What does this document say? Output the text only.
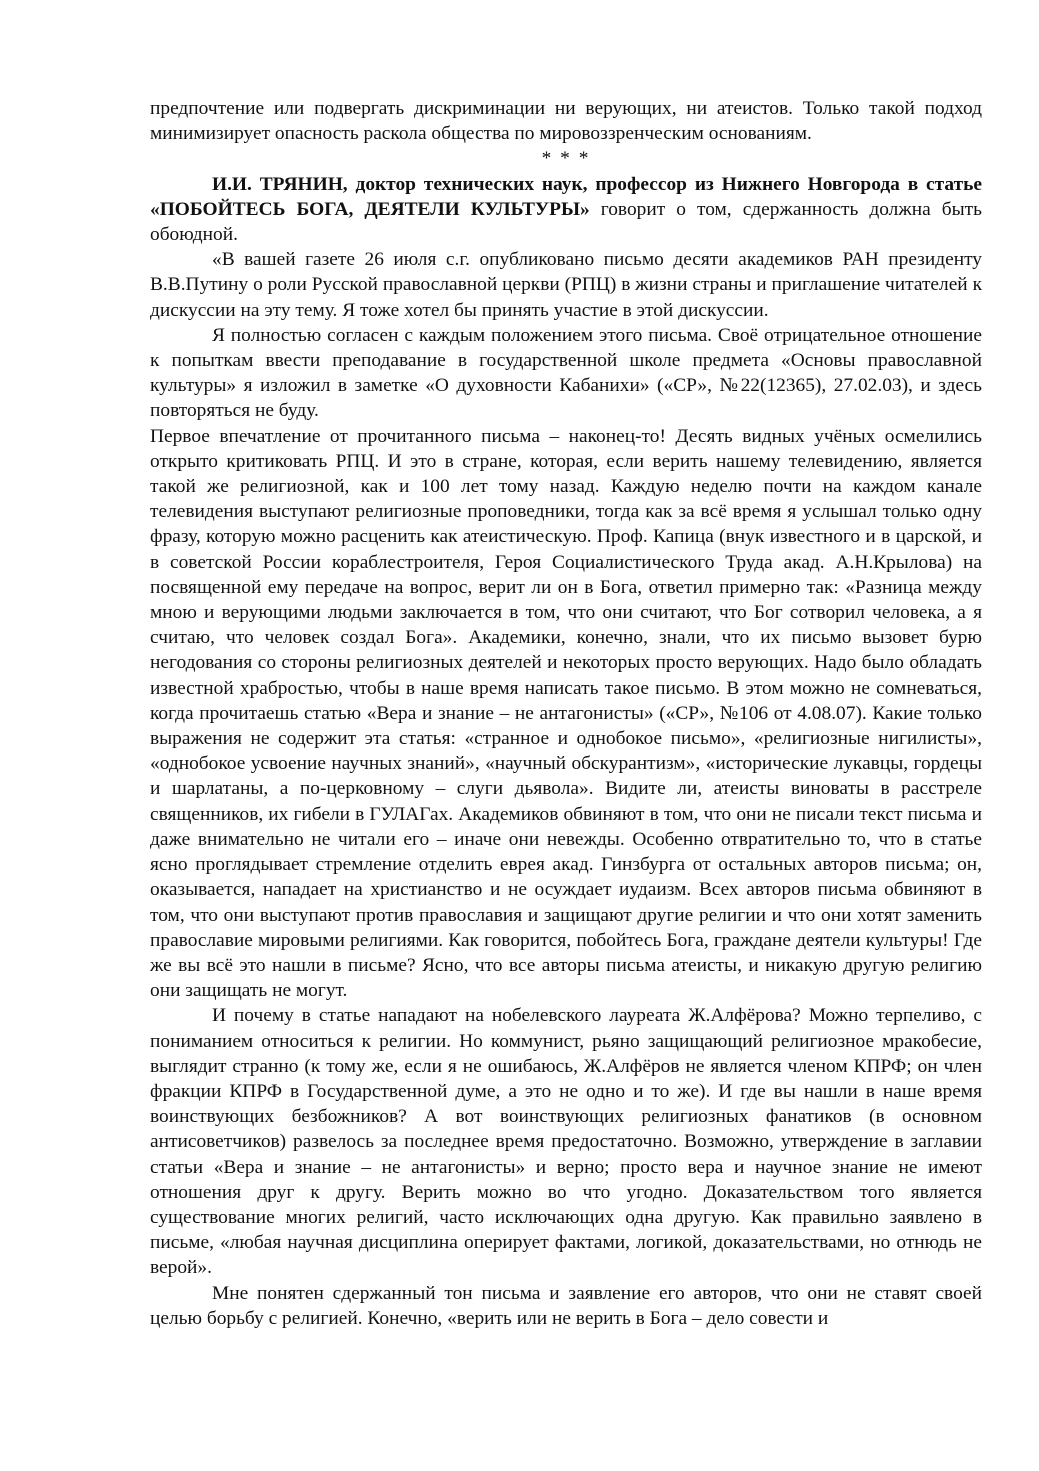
предпочтение или подвергать дискриминации ни верующих, ни атеистов. Только такой подход минимизирует опасность раскола общества по мировоззренческим основаниям.

* * *

И.И. ТРЯНИН, доктор технических наук, профессор из Нижнего Новгорода в статье «ПОБОЙТЕСЬ БОГА, ДЕЯТЕЛИ КУЛЬТУРЫ» говорит о том, сдержанность должна быть обоюдной.

«В вашей газете 26 июля с.г. опубликовано письмо десяти академиков РАН президенту В.В.Путину о роли Русской православной церкви (РПЦ) в жизни страны и приглашение читателей к дискуссии на эту тему. Я тоже хотел бы принять участие в этой дискуссии.

Я полностью согласен с каждым положением этого письма. Своё отрицательное отношение к попыткам ввести преподавание в государственной школе предмета «Основы православной культуры» я изложил в заметке «О духовности Кабанихи» («СР», №22(12365), 27.02.03), и здесь повторяться не буду.

Первое впечатление от прочитанного письма – наконец-то! Десять видных учёных осмелились открыто критиковать РПЦ. И это в стране, которая, если верить нашему телевидению, является такой же религиозной, как и 100 лет тому назад. Каждую неделю почти на каждом канале телевидения выступают религиозные проповедники, тогда как за всё время я услышал только одну фразу, которую можно расценить как атеистическую. Проф. Капица (внук известного и в царской, и в советской России кораблестроителя, Героя Социалистического Труда акад. А.Н.Крылова) на посвященной ему передаче на вопрос, верит ли он в Бога, ответил примерно так: «Разница между мною и верующими людьми заключается в том, что они считают, что Бог сотворил человека, а я считаю, что человек создал Бога». Академики, конечно, знали, что их письмо вызовет бурю негодования со стороны религиозных деятелей и некоторых просто верующих. Надо было обладать известной храбростью, чтобы в наше время написать такое письмо. В этом можно не сомневаться, когда прочитаешь статью «Вера и знание – не антагонисты» («СР», №106 от 4.08.07). Какие только выражения не содержит эта статья: «странное и однобокое письмо», «религиозные нигилисты», «однобокое усвоение научных знаний», «научный обскурантизм», «исторические лукавцы, гордецы и шарлатаны, а по-церковному – слуги дьявола». Видите ли, атеисты виноваты в расстреле священников, их гибели в ГУЛАГах. Академиков обвиняют в том, что они не писали текст письма и даже внимательно не читали его – иначе они невежды. Особенно отвратительно то, что в статье ясно проглядывает стремление отделить еврея акад. Гинзбурга от остальных авторов письма; он, оказывается, нападает на христианство и не осуждает иудаизм. Всех авторов письма обвиняют в том, что они выступают против православия и защищают другие религии и что они хотят заменить православие мировыми религиями. Как говорится, побойтесь Бога, граждане деятели культуры! Где же вы всё это нашли в письме? Ясно, что все авторы письма атеисты, и никакую другую религию они защищать не могут.

И почему в статье нападают на нобелевского лауреата Ж.Алфёрова? Можно терпеливо, с пониманием относиться к религии. Но коммунист, рьяно защищающий религиозное мракобесие, выглядит странно (к тому же, если я не ошибаюсь, Ж.Алфёров не является членом КПРФ; он член фракции КПРФ в Государственной думе, а это не одно и то же). И где вы нашли в наше время воинствующих безбожников? А вот воинствующих религиозных фанатиков (в основном антисоветчиков) развелось за последнее время предостаточно. Возможно, утверждение в заглавии статьи «Вера и знание – не антагонисты» и верно; просто вера и научное знание не имеют отношения друг к другу. Верить можно во что угодно. Доказательством того является существование многих религий, часто исключающих одна другую. Как правильно заявлено в письме, «любая научная дисциплина оперирует фактами, логикой, доказательствами, но отнюдь не верой».

Мне понятен сдержанный тон письма и заявление его авторов, что они не ставят своей целью борьбу с религией. Конечно, «верить или не верить в Бога – дело совести и
